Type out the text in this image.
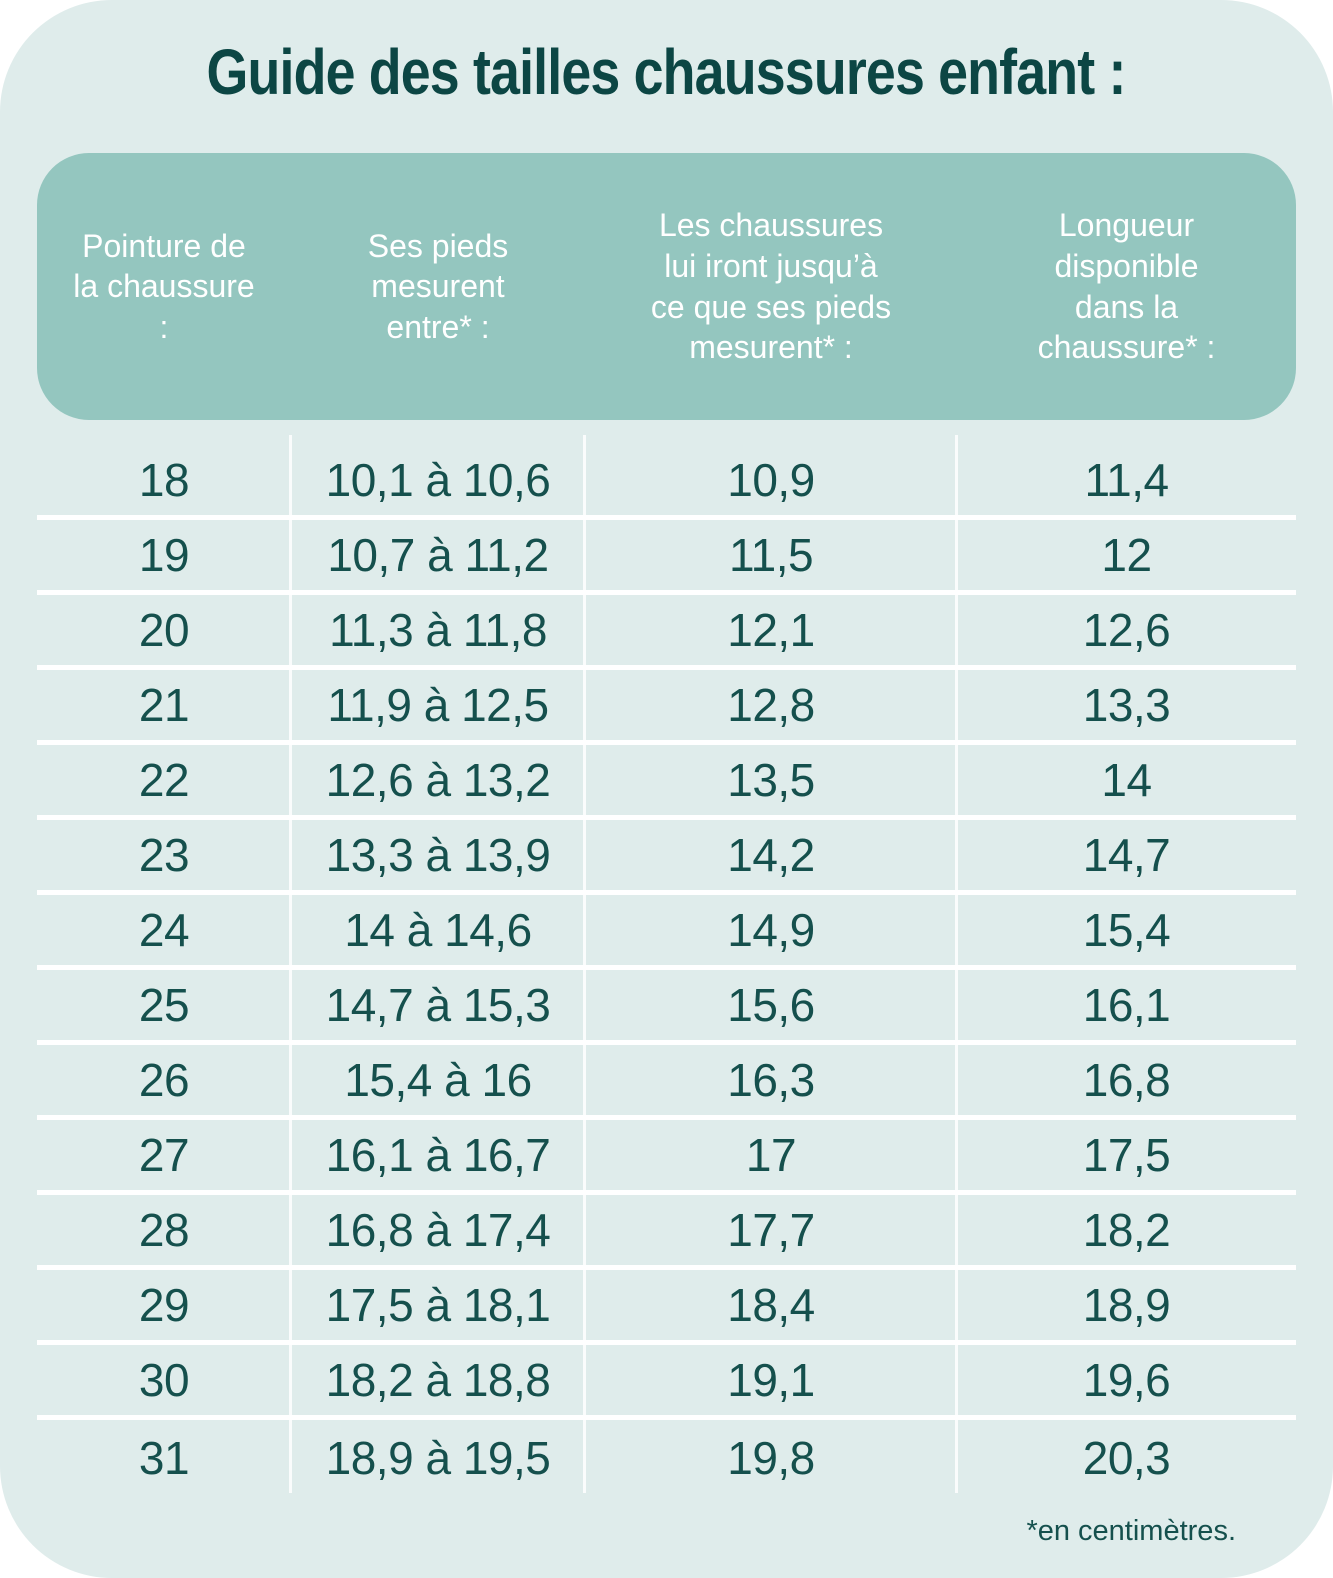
Guide des tailles chaussures enfant :
Pointure de la chaussure :
Ses pieds mesurent entre* :
Les chaussures lui iront jusqu’à ce que ses pieds mesurent* :
Longueur disponible dans la chaussure* :
18	10,1 à 10,6	10,9	11,4
19	10,7 à 11,2	11,5	12
20	11,3 à 11,8	12,1	12,6
21	11,9 à 12,5	12,8	13,3
22	12,6 à 13,2	13,5	14
23	13,3 à 13,9	14,2	14,7
24	14 à 14,6	14,9	15,4
25	14,7 à 15,3	15,6	16,1
26	15,4 à 16	16,3	16,8
27	16,1 à 16,7	17	17,5
28	16,8 à 17,4	17,7	18,2
29	17,5 à 18,1	18,4	18,9
30	18,2 à 18,8	19,1	19,6
31	18,9 à 19,5	19,8	20,3
*en centimètres.
